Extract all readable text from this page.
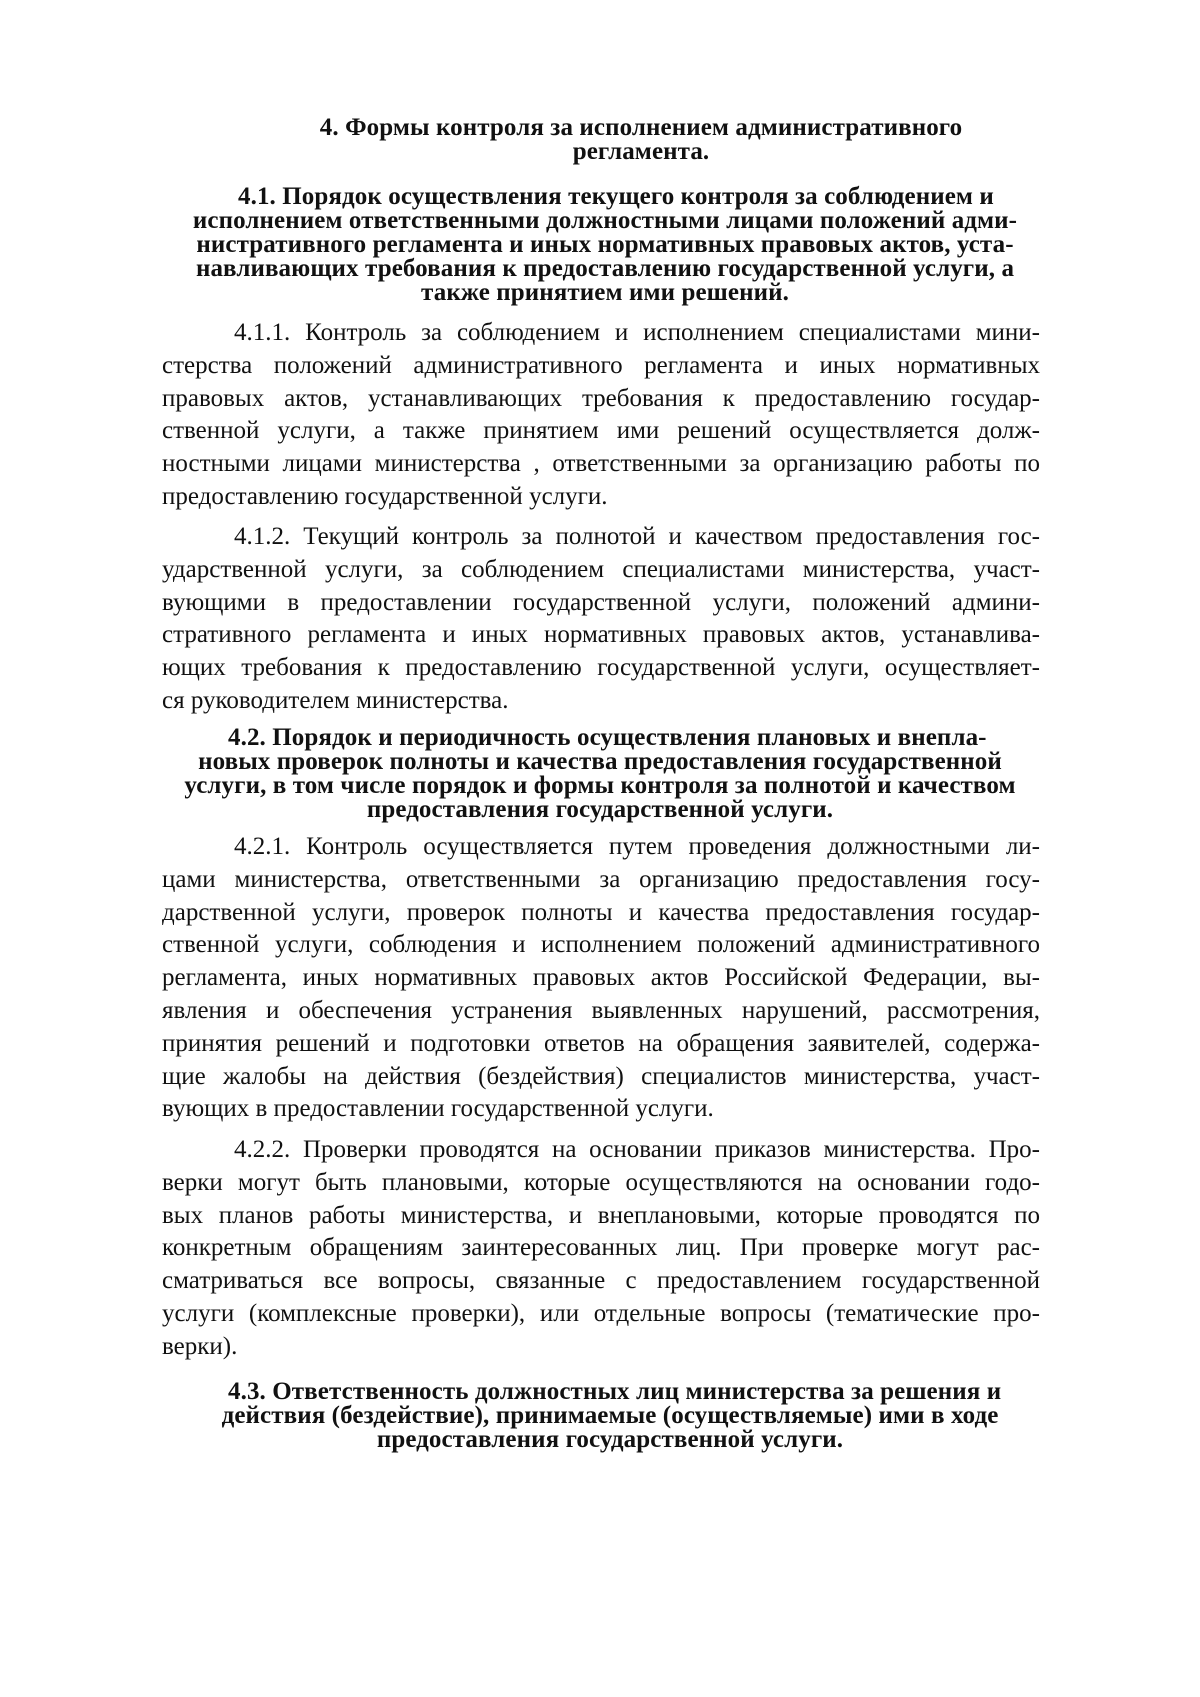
4. Формы контроля за исполнением административного
регламента.
4.1. Порядок осуществления текущего контроля за соблюдением и
исполнением ответственными должностными лицами положений адми-
нистративного регламента и иных нормативных правовых актов, уста-
навливающих требования к предоставлению государственной услуги, а
также принятием ими решений.
4.1.1. Контроль за соблюдением и исполнением специалистами мини-
стерства положений административного регламента и иных нормативных
правовых актов, устанавливающих требования к предоставлению государ-
ственной услуги, а также принятием ими решений осуществляется долж-
ностными лицами министерства , ответственными за организацию работы по
предоставлению государственной услуги.
4.1.2. Текущий контроль за полнотой и качеством предоставления гос-
ударственной услуги, за соблюдением специалистами министерства, участ-
вующими в предоставлении государственной услуги, положений админи-
стративного регламента и иных нормативных правовых актов, устанавлива-
ющих требования к предоставлению государственной услуги, осуществляет-
ся руководителем министерства.
4.2. Порядок и периодичность осуществления плановых и внепла-
новых проверок полноты и качества предоставления государственной
услуги, в том числе порядок и формы контроля за полнотой и качеством
предоставления государственной услуги.
4.2.1. Контроль осуществляется путем проведения должностными ли-
цами министерства, ответственными за организацию предоставления госу-
дарственной услуги, проверок полноты и качества предоставления государ-
ственной услуги, соблюдения и исполнением положений административного
регламента, иных нормативных правовых актов Российской Федерации, вы-
явления и обеспечения устранения выявленных нарушений, рассмотрения,
принятия решений и подготовки ответов на обращения заявителей, содержа-
щие жалобы на действия (бездействия) специалистов министерства, участ-
вующих в предоставлении государственной услуги.
4.2.2. Проверки проводятся на основании приказов министерства. Про-
верки могут быть плановыми, которые осуществляются на основании годо-
вых планов работы министерства, и внеплановыми, которые проводятся по
конкретным обращениям заинтересованных лиц. При проверке могут рас-
сматриваться все вопросы, связанные с предоставлением государственной
услуги (комплексные проверки), или отдельные вопросы (тематические про-
верки).
4.3. Ответственность должностных лиц министерства за решения и
действия (бездействие), принимаемые (осуществляемые) ими в ходе
предоставления государственной услуги.
